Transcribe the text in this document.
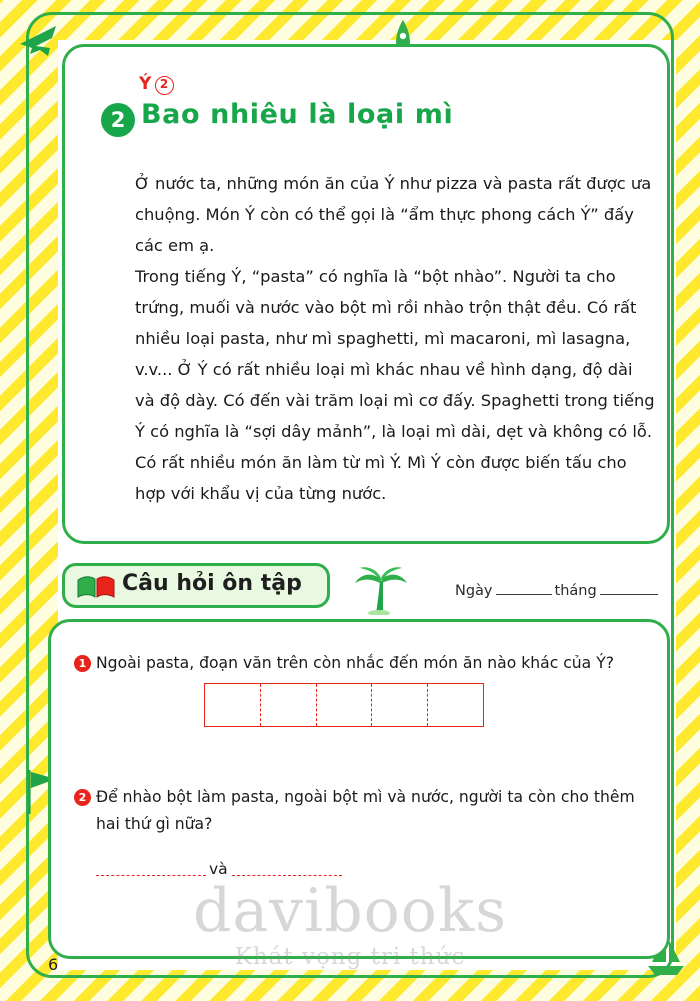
2
Ý 2
Bao nhiêu là loại mì

Ở nước ta, những món ăn của Ý như pizza và pasta rất được ưa chuộng. Món Ý còn có thể gọi là “ẩm thực phong cách Ý” đấy các em ạ.

Trong tiếng Ý, “pasta” có nghĩa là “bột nhào”. Người ta cho trứng, muối và nước vào bột mì rồi nhào trộn thật đều. Có rất nhiều loại pasta, như mì spaghetti, mì macaroni, mì lasagna, v.v... Ở Ý có rất nhiều loại mì khác nhau về hình dạng, độ dài và độ dày. Có đến vài trăm loại mì cơ đấy. Spaghetti trong tiếng Ý có nghĩa là “sợi dây mảnh”, là loại mì dài, dẹt và không có lỗ. Có rất nhiều món ăn làm từ mì Ý. Mì Ý còn được biến tấu cho hợp với khẩu vị của từng nước.

Câu hỏi ôn tập	Ngày	tháng
1 Ngoài pasta, đoạn văn trên còn nhắc đến món ăn nào khác của Ý?
2 Để nhào bột làm pasta, ngoài bột mì và nước, người ta còn cho thêm hai thứ gì nữa?
và
davibooks
Khát vọng tri thức
6
